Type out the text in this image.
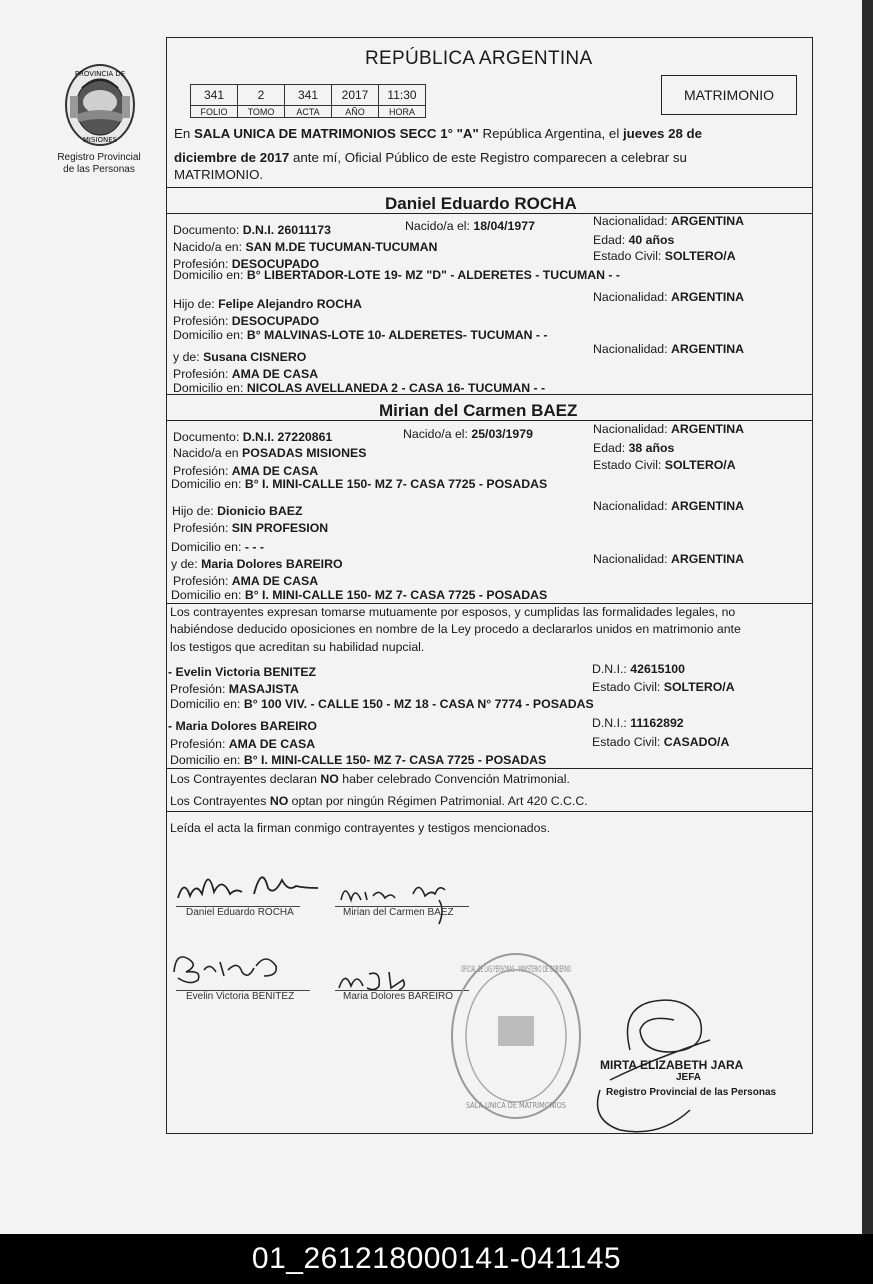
PROVINCIA DE
MISIONES
Registro Provincial
de las Personas
REPÚBLICA ARGENTINA
341	2	341	2017	11:30
FOLIO	TOMO	ACTA	AÑO	HORA
MATRIMONIO
En SALA UNICA DE MATRIMONIOS SECC 1° "A" República Argentina, el jueves 28 de
diciembre de 2017 ante mí, Oficial Público de este Registro comparecen a celebrar su
MATRIMONIO.
Daniel Eduardo ROCHA
Documento: D.N.I. 26011173	Nacido/a el: 18/04/1977	Nacionalidad: ARGENTINA
Nacido/a en: SAN M.DE TUCUMAN-TUCUMAN	Edad: 40 años
Profesión: DESOCUPADO
Estado Civil: SOLTERO/A
Domicilio en: B° LIBERTADOR-LOTE 19- MZ "D" - ALDERETES - TUCUMAN - -
Hijo de: Felipe Alejandro ROCHA	Nacionalidad: ARGENTINA
Profesión: DESOCUPADO
Domicilio en: B° MALVINAS-LOTE 10- ALDERETES- TUCUMAN - -
y de: Susana CISNERO
Nacionalidad: ARGENTINA
Profesión: AMA DE CASA
Domicilio en: NICOLAS AVELLANEDA 2 - CASA 16- TUCUMAN - -
Mirian del Carmen BAEZ
Documento: D.N.I. 27220861	Nacido/a el: 25/03/1979	Nacionalidad: ARGENTINA
Nacido/a en POSADAS MISIONES	Edad: 38 años
Profesión: AMA DE CASA	Estado Civil: SOLTERO/A
Domicilio en: B° I. MINI-CALLE 150- MZ 7- CASA 7725 - POSADAS
Hijo de: Dionicio BAEZ	Nacionalidad: ARGENTINA
Profesión: SIN PROFESION
Domicilio en: - - -
y de: Maria Dolores BAREIRO	Nacionalidad: ARGENTINA
Profesión: AMA DE CASA
Domicilio en: B° I. MINI-CALLE 150- MZ 7- CASA 7725 - POSADAS
Los contrayentes expresan tomarse mutuamente por esposos, y cumplidas las formalidades legales, no
habiéndose deducido oposiciones en nombre de la Ley procedo a declararlos unidos en matrimonio ante
los testigos que acreditan su habilidad nupcial.
- Evelin Victoria BENITEZ	D.N.I.: 42615100
Profesión: MASAJISTA	Estado Civil: SOLTERO/A
Domicilio en: B° 100 VIV. - CALLE 150 - MZ 18 - CASA N° 7774 - POSADAS
- Maria Dolores BAREIRO	D.N.I.: 11162892
Profesión: AMA DE CASA	Estado Civil: CASADO/A
Domicilio en: B° I. MINI-CALLE 150- MZ 7- CASA 7725 - POSADAS
Los Contrayentes declaran NO haber celebrado Convención Matrimonial.
Los Contrayentes NO optan por ningún Régimen Patrimonial. Art 420 C.C.C.
Leída el acta la firman conmigo contrayentes y testigos mencionados.
Daniel Eduardo ROCHA	Mirian del Carmen BAEZ
Evelin Victoria BENITEZ	Maria Dolores BAREIRO
OFICIAL DE LAS PERSONAS · MINISTERIO DE GOBIERNO
SALA UNICA DE MATRIMONIOS
MIRTA ELIZABETH JARA
JEFA
Registro Provincial de las Personas
01_261218000141-041145
